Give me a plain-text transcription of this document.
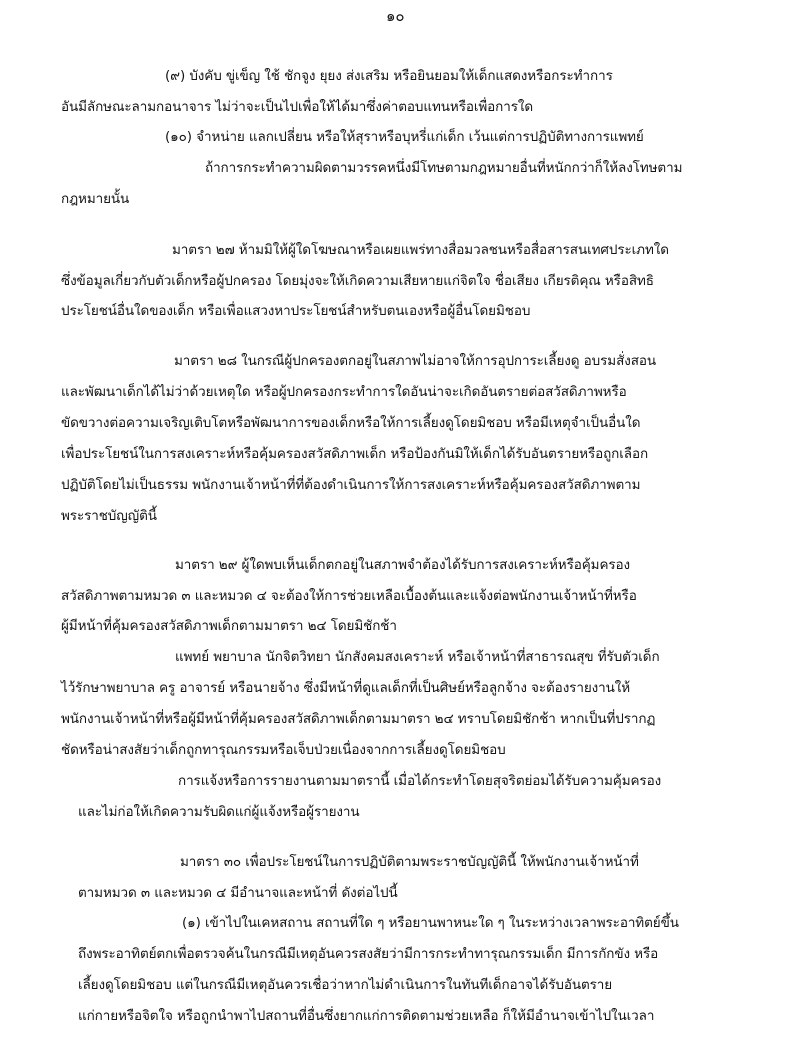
๑๐
(๙) บังคับ ขู่เข็ญ ใช้ ชักจูง ยุยง ส่งเสริม หรือยินยอมให้เด็กแสดงหรือกระทำการ
อันมีลักษณะลามกอนาจาร ไม่ว่าจะเป็นไปเพื่อให้ได้มาซึ่งค่าตอบแทนหรือเพื่อการใด
(๑๐) จำหน่าย แลกเปลี่ยน หรือให้สุราหรือบุหรี่แก่เด็ก เว้นแต่การปฏิบัติทางการแพทย์
ถ้าการกระทำความผิดตามวรรคหนึ่งมีโทษตามกฎหมายอื่นที่หนักกว่าก็ให้ลงโทษตาม
กฎหมายนั้น
มาตรา ๒๗ ห้ามมิให้ผู้ใดโฆษณาหรือเผยแพร่ทางสื่อมวลชนหรือสื่อสารสนเทศประเภทใด
ซึ่งข้อมูลเกี่ยวกับตัวเด็กหรือผู้ปกครอง โดยมุ่งจะให้เกิดความเสียหายแก่จิตใจ ชื่อเสียง เกียรติคุณ หรือสิทธิ
ประโยชน์อื่นใดของเด็ก หรือเพื่อแสวงหาประโยชน์สำหรับตนเองหรือผู้อื่นโดยมิชอบ
มาตรา ๒๘ ในกรณีผู้ปกครองตกอยู่ในสภาพไม่อาจให้การอุปการะเลี้ยงดู อบรมสั่งสอน
และพัฒนาเด็กได้ไม่ว่าด้วยเหตุใด หรือผู้ปกครองกระทำการใดอันน่าจะเกิดอันตรายต่อสวัสดิภาพหรือ
ขัดขวางต่อความเจริญเติบโตหรือพัฒนาการของเด็กหรือให้การเลี้ยงดูโดยมิชอบ หรือมีเหตุจำเป็นอื่นใด
เพื่อประโยชน์ในการสงเคราะห์หรือคุ้มครองสวัสดิภาพเด็ก หรือป้องกันมิให้เด็กได้รับอันตรายหรือถูกเลือก
ปฏิบัติโดยไม่เป็นธรรม พนักงานเจ้าหน้าที่ที่ต้องดำเนินการให้การสงเคราะห์หรือคุ้มครองสวัสดิภาพตาม
พระราชบัญญัตินี้
มาตรา ๒๙ ผู้ใดพบเห็นเด็กตกอยู่ในสภาพจำต้องได้รับการสงเคราะห์หรือคุ้มครอง
สวัสดิภาพตามหมวด ๓ และหมวด ๔ จะต้องให้การช่วยเหลือเบื้องต้นและแจ้งต่อพนักงานเจ้าหน้าที่หรือ
ผู้มีหน้าที่คุ้มครองสวัสดิภาพเด็กตามมาตรา ๒๔ โดยมิชักช้า
แพทย์ พยาบาล นักจิตวิทยา นักสังคมสงเคราะห์ หรือเจ้าหน้าที่สาธารณสุข ที่รับตัวเด็ก
ไว้รักษาพยาบาล ครู อาจารย์ หรือนายจ้าง ซึ่งมีหน้าที่ดูแลเด็กที่เป็นศิษย์หรือลูกจ้าง จะต้องรายงานให้
พนักงานเจ้าหน้าที่หรือผู้มีหน้าที่คุ้มครองสวัสดิภาพเด็กตามมาตรา ๒๔ ทราบโดยมิชักช้า หากเป็นที่ปรากฏ
ชัดหรือน่าสงสัยว่าเด็กถูกทารุณกรรมหรือเจ็บป่วยเนื่องจากการเลี้ยงดูโดยมิชอบ
การแจ้งหรือการรายงานตามมาตรานี้ เมื่อได้กระทำโดยสุจริตย่อมได้รับความคุ้มครอง
และไม่ก่อให้เกิดความรับผิดแก่ผู้แจ้งหรือผู้รายงาน
มาตรา ๓๐ เพื่อประโยชน์ในการปฏิบัติตามพระราชบัญญัตินี้ ให้พนักงานเจ้าหน้าที่
ตามหมวด ๓ และหมวด ๔ มีอำนาจและหน้าที่ ดังต่อไปนี้
(๑) เข้าไปในเคหสถาน สถานที่ใด ๆ หรือยานพาหนะใด ๆ ในระหว่างเวลาพระอาทิตย์ขึ้น
ถึงพระอาทิตย์ตกเพื่อตรวจค้นในกรณีมีเหตุอันควรสงสัยว่ามีการกระทำทารุณกรรมเด็ก มีการกักขัง หรือ
เลี้ยงดูโดยมิชอบ แต่ในกรณีมีเหตุอันควรเชื่อว่าหากไม่ดำเนินการในทันทีเด็กอาจได้รับอันตราย
แก่กายหรือจิตใจ หรือถูกนำพาไปสถานที่อื่นซึ่งยากแก่การติดตามช่วยเหลือ ก็ให้มีอำนาจเข้าไปในเวลา
